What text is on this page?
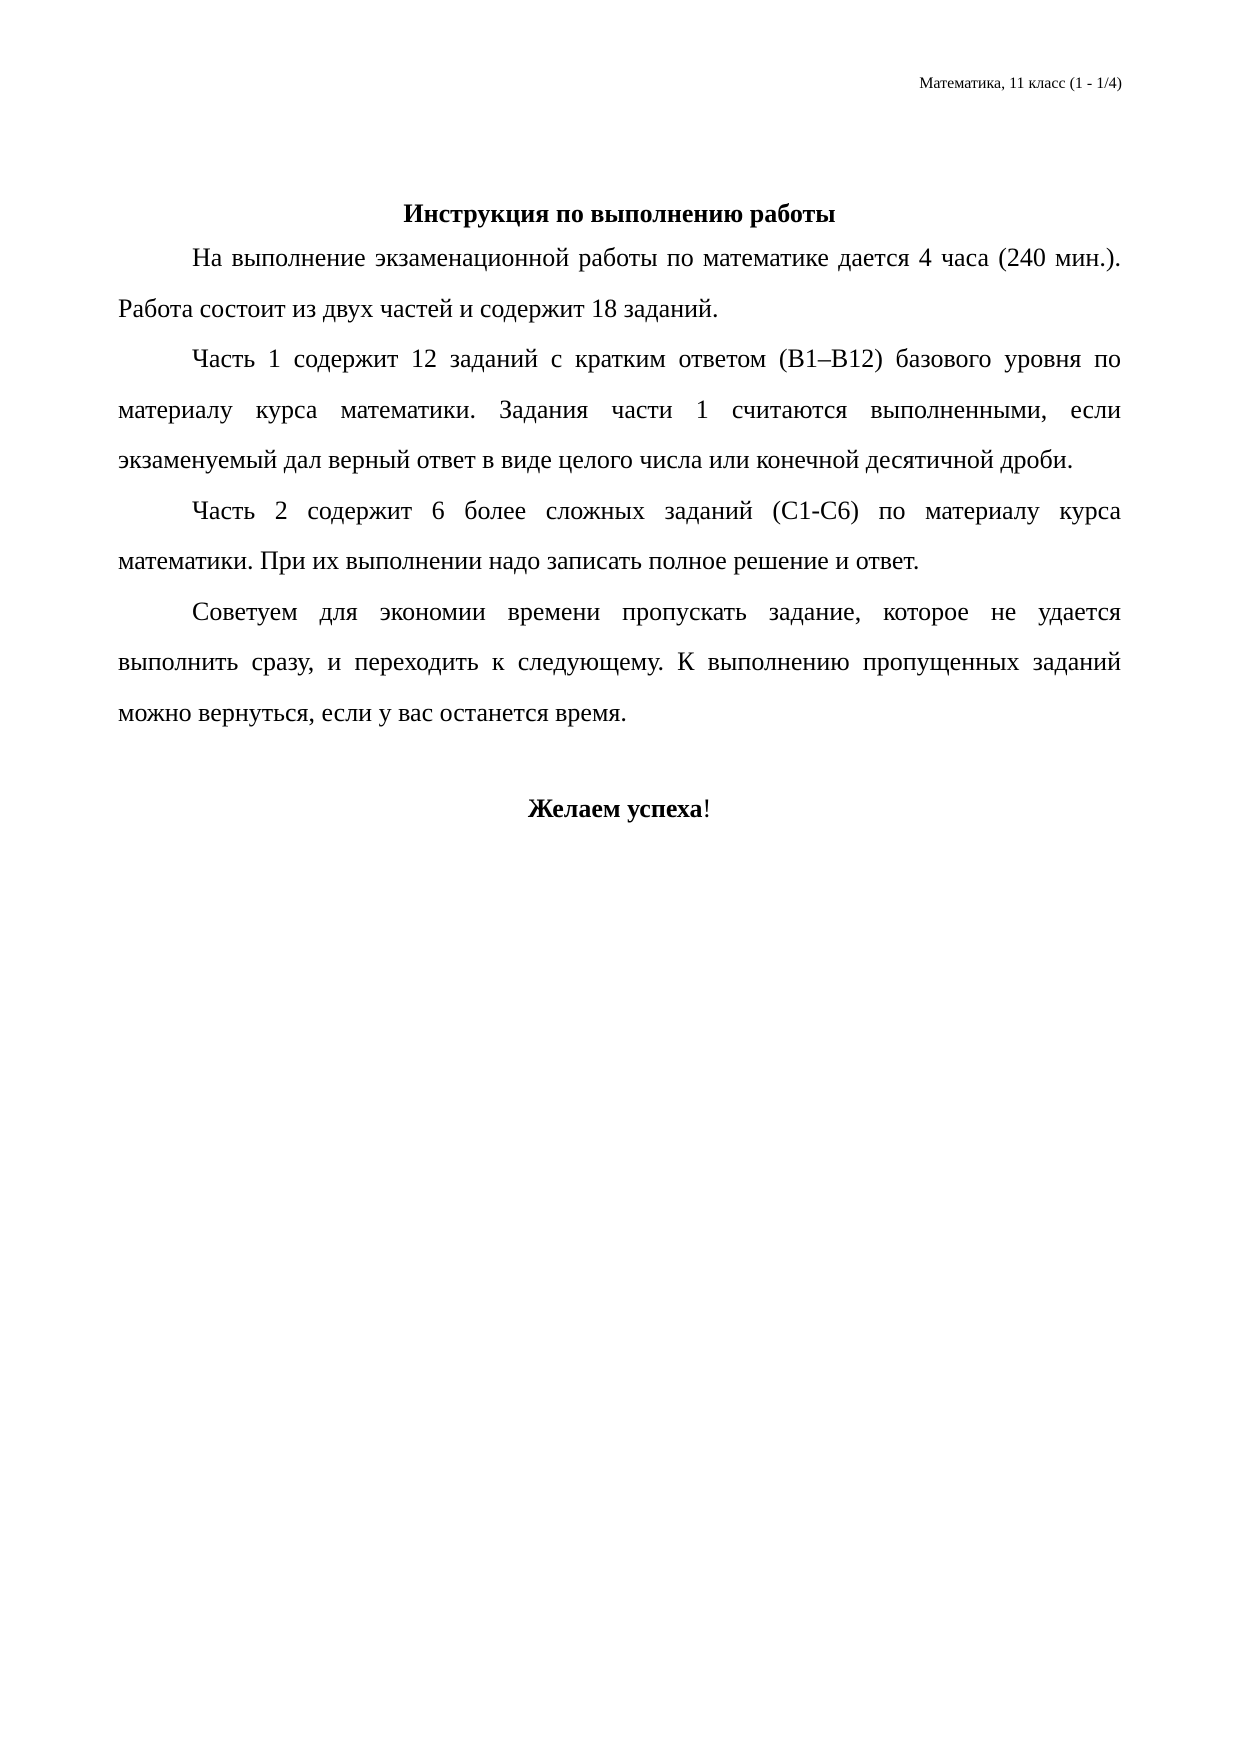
Математика, 11 класс (1 - 1/4)
Инструкция по выполнению работы

На выполнение экзаменационной работы по математике дается 4 часа (240 мин.). Работа состоит из двух частей и содержит 18 заданий.

Часть 1 содержит 12 заданий с кратким ответом (В1–В12) базового уровня по материалу курса математики. Задания части 1 считаются выполненными, если экзаменуемый дал верный ответ в виде целого числа или конечной десятичной дроби.

Часть 2 содержит 6 более сложных заданий (С1-С6) по материалу курса математики. При их выполнении надо записать полное решение и ответ.

Советуем для экономии времени пропускать задание, которое не удается выполнить сразу, и переходить к следующему. К выполнению пропущенных заданий можно вернуться, если у вас останется время.

Желаем успеха!
